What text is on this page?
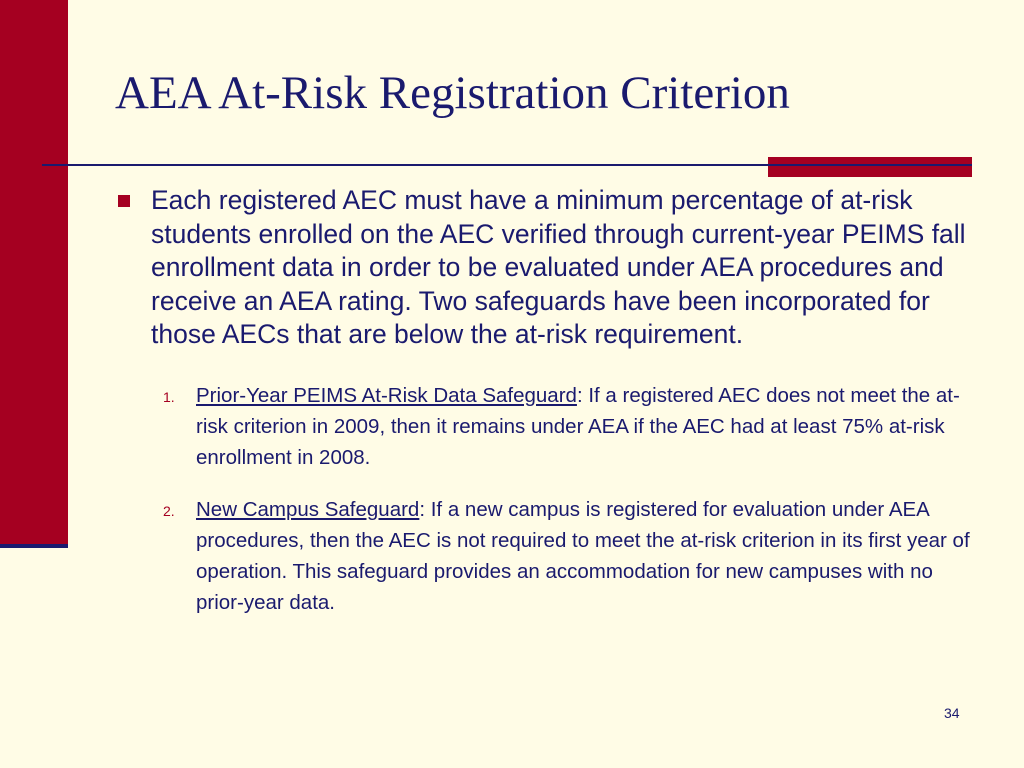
AEA At-Risk Registration Criterion
Each registered AEC must have a minimum percentage of at-risk students enrolled on the AEC verified through current-year PEIMS fall enrollment data in order to be evaluated under AEA procedures and receive an AEA rating. Two safeguards have been incorporated for those AECs that are below the at-risk requirement.
1. Prior-Year PEIMS At-Risk Data Safeguard: If a registered AEC does not meet the at-risk criterion in 2009, then it remains under AEA if the AEC had at least 75% at-risk enrollment in 2008.
2. New Campus Safeguard: If a new campus is registered for evaluation under AEA procedures, then the AEC is not required to meet the at-risk criterion in its first year of operation. This safeguard provides an accommodation for new campuses with no prior-year data.
34
